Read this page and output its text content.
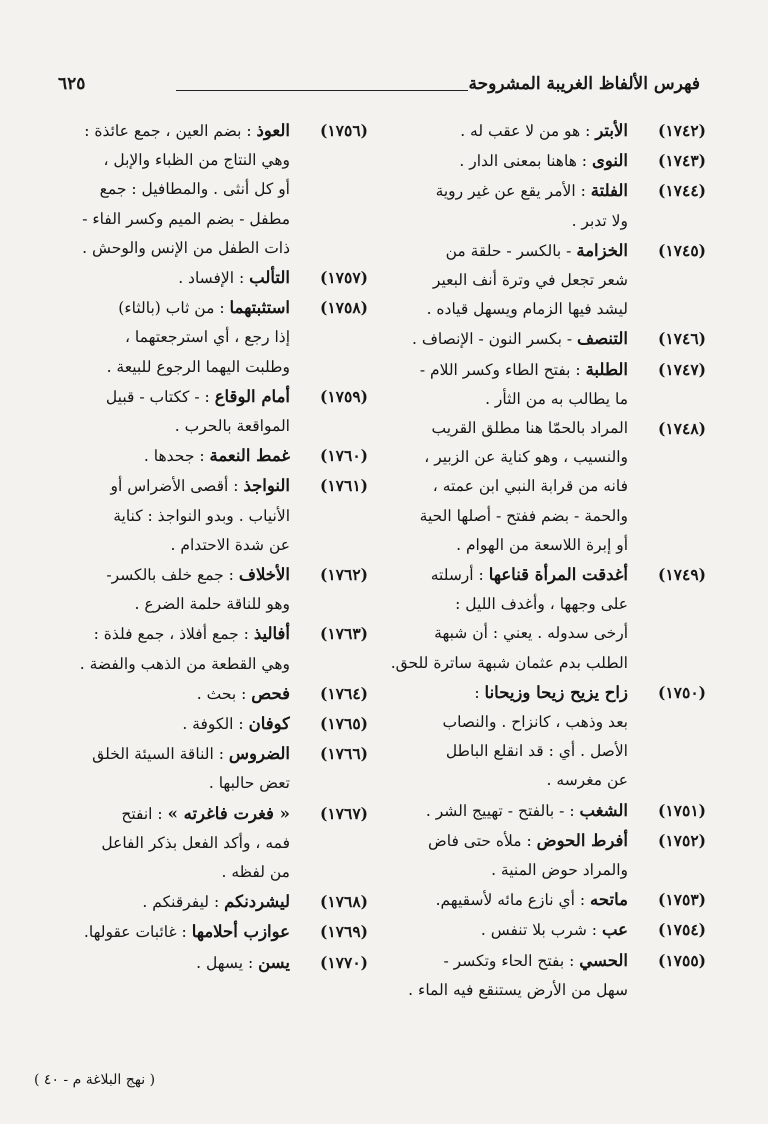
فهرس الألفاظ الغريبة المشروحة
٦٢٥
(١٧٤٢)
الأبتر : هو من لا عقب له .
(١٧٤٣)
النوى : هاهنا بمعنى الدار .
(١٧٤٤)
الفلتة : الأمر يقع عن غير روية
ولا تدبر .
(١٧٤٥)
الخزامة - بالكسر - حلقة من
شعر تجعل في وترة أنف البعير
ليشد فيها الزمام ويسهل قياده .
(١٧٤٦)
التنصف - بكسر النون - الإنصاف .
(١٧٤٧)
الطلبة : بفتح الطاء وكسر اللام -
ما يطالب به من الثأر .
(١٧٤٨)
المراد بالحمّا هنا مطلق القريب
والنسيب ، وهو كناية عن الزبير ،
فانه من قرابة النبي ابن عمته ،
والحمة - بضم ففتح - أصلها الحية
أو إبرة اللاسعة من الهوام .
(١٧٤٩)
أغدقت المرأة قناعها : أرسلته
على وجهها ، وأغدف الليل :
أرخى سدوله . يعني : أن شبهة
الطلب بدم عثمان شبهة ساترة للحق.
(١٧٥٠)
زاح يزيح زيحا وزيحانا :
بعد وذهب ، كانزاح . والنصاب
الأصل . أي : قد انقلع الباطل
عن مغرسه .
(١٧٥١)
الشغب : - بالفتح - تهييج الشر .
(١٧٥٢)
أفرط الحوض : ملأه حتى فاض
والمراد حوض المنية .
(١٧٥٣)
ماتحه : أي نازع مائه لأسقيهم.
(١٧٥٤)
عب : شرب بلا تنفس .
(١٧٥٥)
الحسي : بفتح الحاء وتكسر -
سهل من الأرض يستنقع فيه الماء .
(١٧٥٦)
العوذ : بضم العين ، جمع عائذة :
وهي النتاج من الظباء والإبل ،
أو كل أنثى . والمطافيل : جمع
مطفل - بضم الميم وكسر الفاء -
ذات الطفل من الإنس والوحش .
(١٧٥٧)
التألب : الإفساد .
(١٧٥٨)
استثبتهما : من ثاب (بالثاء)
إذا رجع ، أي استرجعتهما ،
وطلبت اليهما الرجوع للبيعة .
(١٧٥٩)
أمام الوقاع : - ككتاب - قبيل
المواقعة بالحرب .
(١٧٦٠)
غمط النعمة : جحدها .
(١٧٦١)
النواجذ : أقصى الأضراس أو
الأنياب . وبدو النواجذ : كناية
عن شدة الاحتدام .
(١٧٦٢)
الأخلاف : جمع خلف بالكسر-
وهو للناقة حلمة الضرع .
(١٧٦٣)
أفاليذ : جمع أفلاذ ، جمع فلذة :
وهي القطعة من الذهب والفضة .
(١٧٦٤)
فحص : بحث .
(١٧٦٥)
كوفان : الكوفة .
(١٧٦٦)
الضروس : الناقة السيئة الخلق
تعض حالبها .
(١٧٦٧)
« فغرت فاغرته » : انفتح
فمه ، وأكد الفعل بذكر الفاعل
من لفظه .
(١٧٦٨)
ليشردنكم : ليفرقنكم .
(١٧٦٩)
عوازب أحلامها : غائبات عقولها.
(١٧٧٠)
يسن : يسهل .
( نهج البلاغة م - ٤٠ )
